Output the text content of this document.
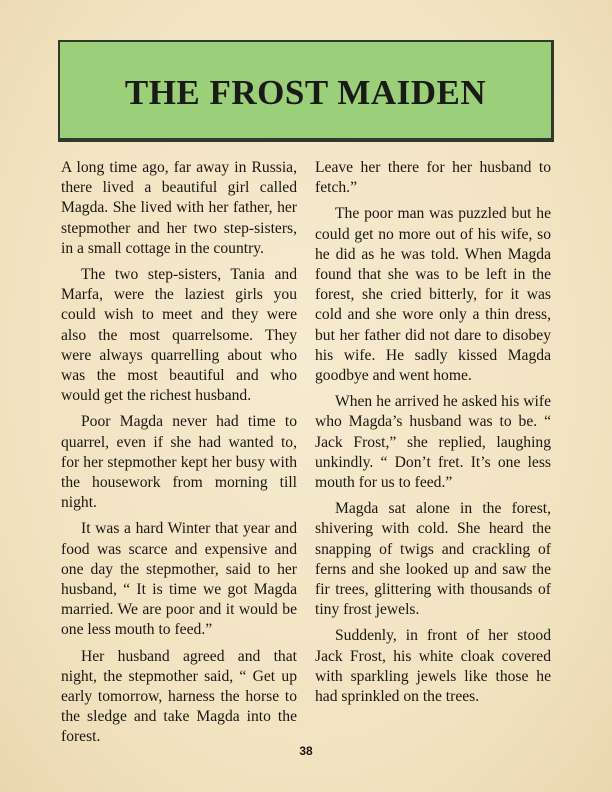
THE FROST MAIDEN

A long time ago, far away in Russia, there lived a beautiful girl called Magda. She lived with her father, her stepmother and her two step-sisters, in a small cottage in the country.

The two step-sisters, Tania and Marfa, were the laziest girls you could wish to meet and they were also the most quarrelsome. They were always quarrelling about who was the most beautiful and who would get the richest husband.

Poor Magda never had time to quarrel, even if she had wanted to, for her stepmother kept her busy with the housework from morning till night.

It was a hard Winter that year and food was scarce and expensive and one day the stepmother, said to her husband, “ It is time we got Magda married. We are poor and it would be one less mouth to feed.”

Her husband agreed and that night, the stepmother said, “ Get up early tomorrow, harness the horse to the sledge and take Magda into the forest.

Leave her there for her husband to fetch.”

The poor man was puzzled but he could get no more out of his wife, so he did as he was told. When Magda found that she was to be left in the forest, she cried bitterly, for it was cold and she wore only a thin dress, but her father did not dare to disobey his wife. He sadly kissed Magda goodbye and went home.

When he arrived he asked his wife who Magda’s husband was to be. “ Jack Frost,” she replied, laughing unkindly. “ Don’t fret. It’s one less mouth for us to feed.”

Magda sat alone in the forest, shivering with cold. She heard the snapping of twigs and crackling of ferns and she looked up and saw the fir trees, glittering with thousands of tiny frost jewels.

Suddenly, in front of her stood Jack Frost, his white cloak covered with sparkling jewels like those he had sprinkled on the trees.

38
